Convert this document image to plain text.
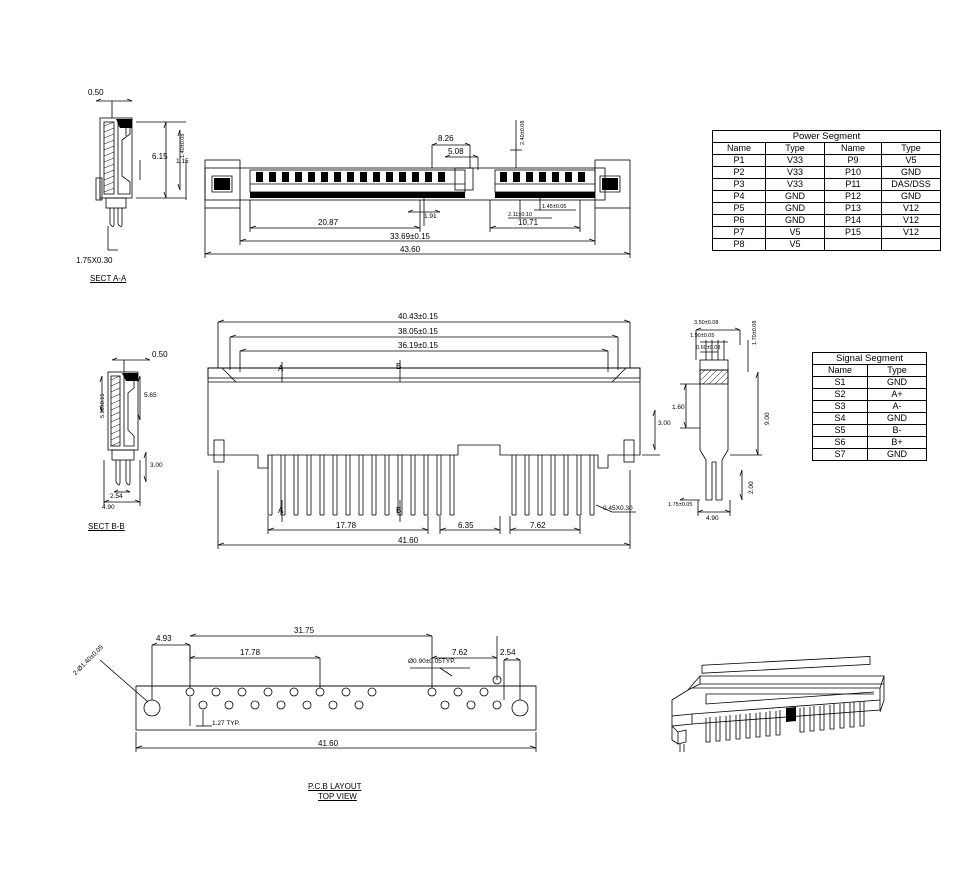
0.50
6.15 1.40±0.08
1.15
1.75X0.30
SECT A-A
8.26
5.08
2.40±0.08
1.91
1.45±0.05
2.11±0.10
20.87	10.71
33.69±0.15
43.60
0.50
5.00±0.15	5.65
3.00
2.54
4.90
SECT B-B
40.43±0.15
38.05±0.15
36.19±0.15
A	B
A	B
3.00
17.78	6.35	7.62
0.45X0.30
41.60
3.50±0.08
1.90±0.05
0.60±0.08
1.70±0.08
1.60
9.00
1.75±0.05
4.90
2.00
2-Ø1.40±0.05
4.93
17.78
31.75
7.62	2.54
Ø0.90±0.05TYP.
1.27 TYP.
41.60
P.C.B LAYOUT
TOP VIEW
Power Segment			
Name	Type	Name	Type
P1	V33	P9	V5
P2	V33	P10	GND
P3	V33	P11	DAS/DSS
P4	GND	P12	GND
P5	GND	P13	V12
P6	GND	P14	V12
P7	V5	P15	V12
P8	V5		
Signal Segment	
Name	Type
S1	GND
S2	A+
S3	A-
S4	GND
S5	B-
S6	B+
S7	GND
